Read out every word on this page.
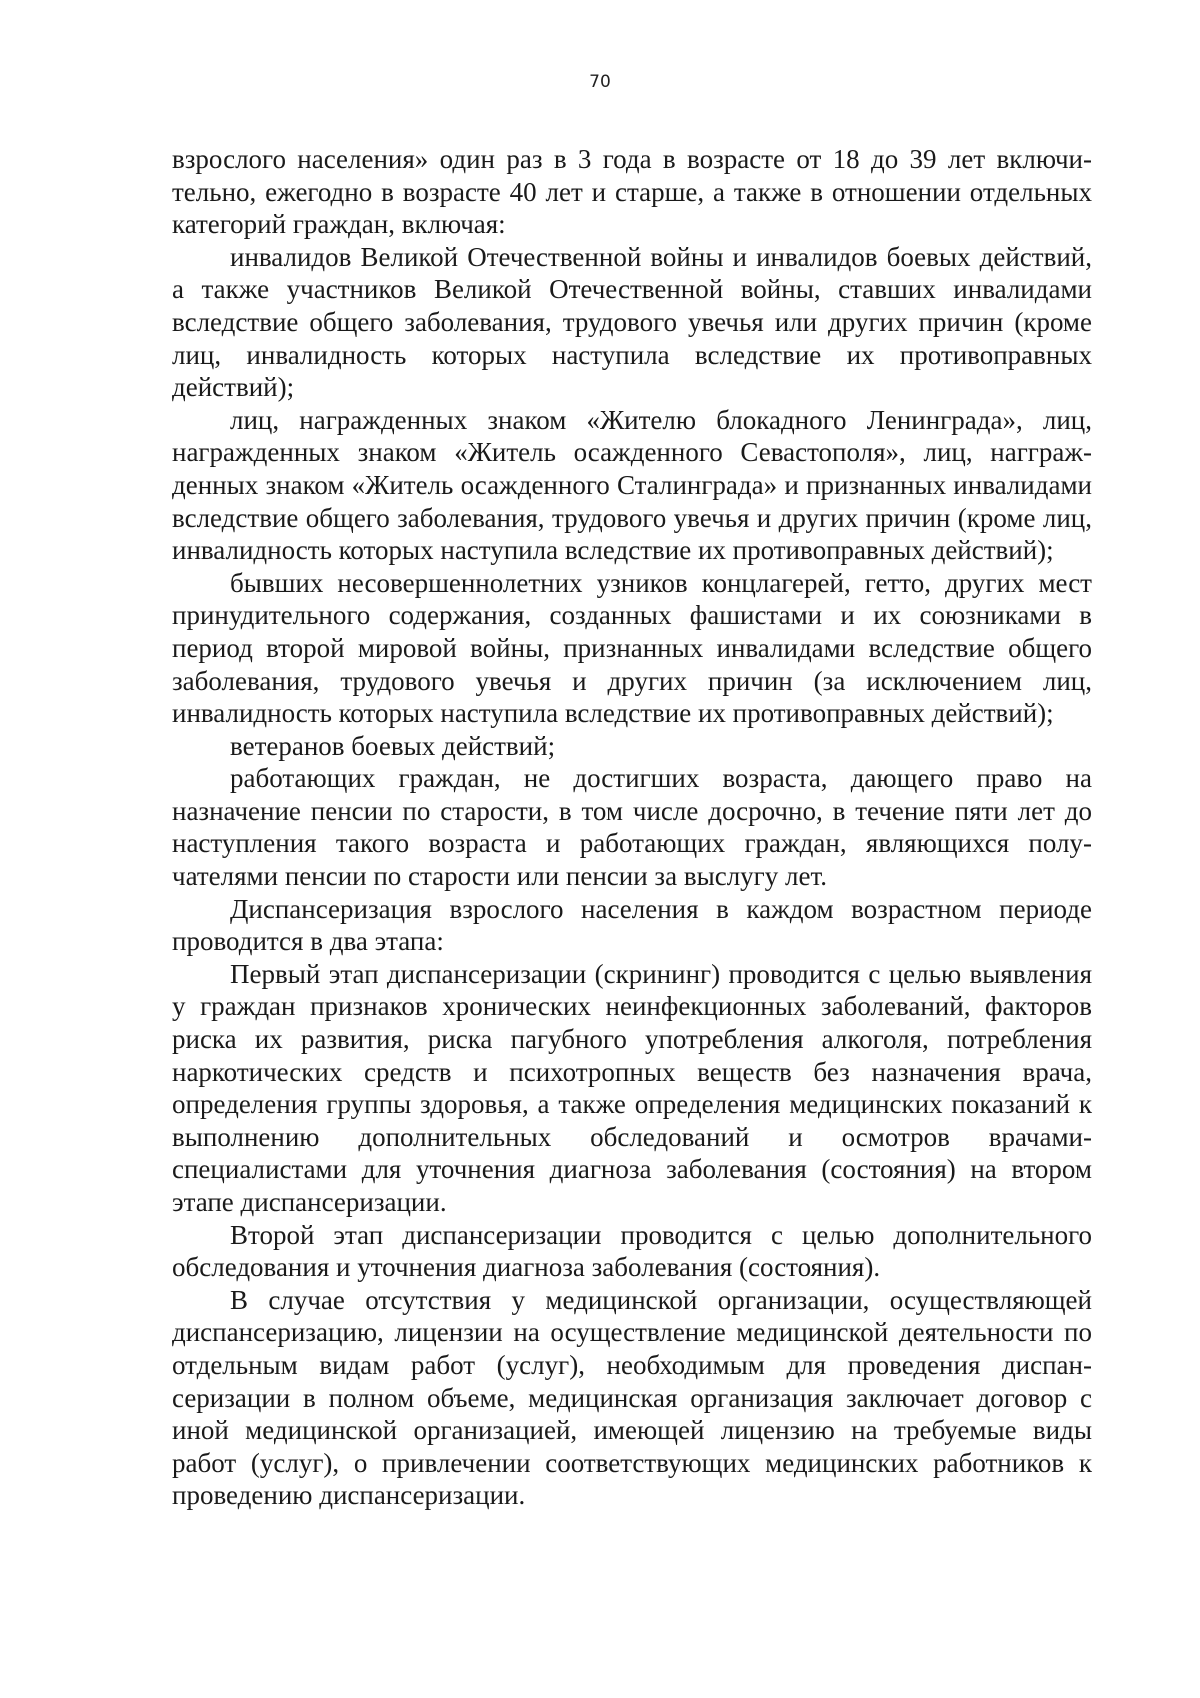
70

взрослого населения» один раз в 3 года в возрасте от 18 до 39 лет включительно, ежегодно в возрасте 40 лет и старше, а также в отношении отдельных категорий граждан, включая:

инвалидов Великой Отечественной войны и инвалидов боевых действий, а также участников Великой Отечественной войны, ставших инвалидами вследствие общего заболевания, трудового увечья или других причин (кроме лиц, инвалидность которых наступила вследствие их противоправных действий);

лиц, награжденных знаком «Жителю блокадного Ленинграда», лиц, награжденных знаком «Житель осажденного Севастополя», лиц, наггражденных знаком «Житель осажденного Сталинграда» и признанных инвалидами вследствие общего заболевания, трудового увечья и других причин (кроме лиц, инвалидность которых наступила вследствие их противоправных действий);

бывших несовершеннолетних узников концлагерей, гетто, других мест принудительного содержания, созданных фашистами и их союзниками в период второй мировой войны, признанных инвалидами вследствие общего заболевания, трудового увечья и других причин (за исключением лиц, инвалидность которых наступила вследствие их противоправных действий);

ветеранов боевых действий;

работающих граждан, не достигших возраста, дающего право на назначение пенсии по старости, в том числе досрочно, в течение пяти лет до наступления такого возраста и работающих граждан, являющихся получателями пенсии по старости или пенсии за выслугу лет.

Диспансеризация взрослого населения в каждом возрастном периоде проводится в два этапа:

Первый этап диспансеризации (скрининг) проводится с целью выявления у граждан признаков хронических неинфекционных заболеваний, факторов риска их развития, риска пагубного употребления алкоголя, потребления наркотических средств и психотропных веществ без назначения врача, определения группы здоровья, а также определения медицинских показаний к выполнению дополнительных обследований и осмотров врачами-специалистами для уточнения диагноза заболевания (состояния) на втором этапе диспансеризации.

Второй этап диспансеризации проводится с целью дополнительного обследования и уточнения диагноза заболевания (состояния).

В случае отсутствия у медицинской организации, осуществляющей диспансеризацию, лицензии на осуществление медицинской деятельности по отдельным видам работ (услуг), необходимым для проведения диспансеризации в полном объеме, медицинская организация заключает договор с иной медицинской организацией, имеющей лицензию на требуемые виды работ (услуг), о привлечении соответствующих медицинских работников к проведению диспансеризации.
